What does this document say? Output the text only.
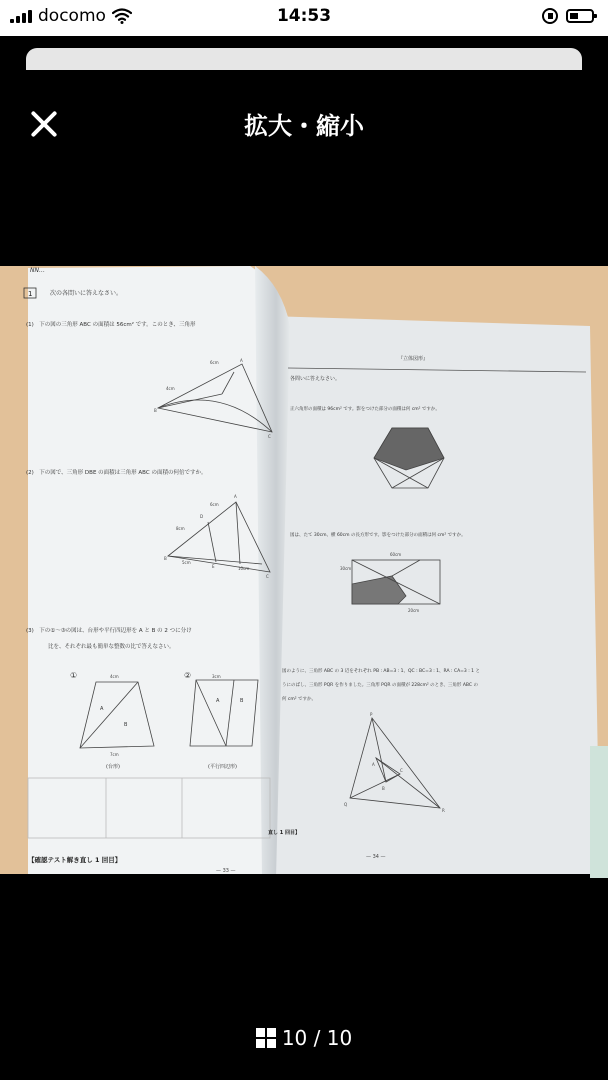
docomo	14:53
拡大・縮小
NN…
1	次の各問いに答えなさい。
(1)　下の図の三角形 ABC の面積は 56cm² です。このとき、三角形
4cm
6cm	A
B
C
(2)　下の図で、三角形 DBE の面積は三角形 ABC の面積の何倍ですか。
8cm
6cm
D
A
B
5cm
E	10cm
C
(3)　下の①〜③の図は、台形や平行四辺形を A と B の 2 つに分け
比を、それぞれ最も簡単な整数の比で答えなさい。
①	②
4cm
A
B
7cm
(台形)
3cm
A	B
(平行四辺形)
【確認テスト解き直し 1 回目】
— 33 —
『立体図形』
各問いに答えなさい。
正六角形の面積は 96cm² です。影をつけた部分の面積は何 cm² ですか。
図は、たて 30cm、横 60cm の長方形です。影をつけた部分の面積は何 cm² ですか。
60cm
30cm
20cm
図のように、三角形 ABC の 3 辺をそれぞれ PB : AB=3 : 1、QC : BC=3 : 1、RA : CA=3 : 1 と
うにのばし、三角形 PQR を作りました。三角形 PQR の面積が 228cm² のとき、三角形 ABC の
何 cm² ですか。
P
Q
R
A
C
B
直し 1 回目】
— 34 —
10 / 10
